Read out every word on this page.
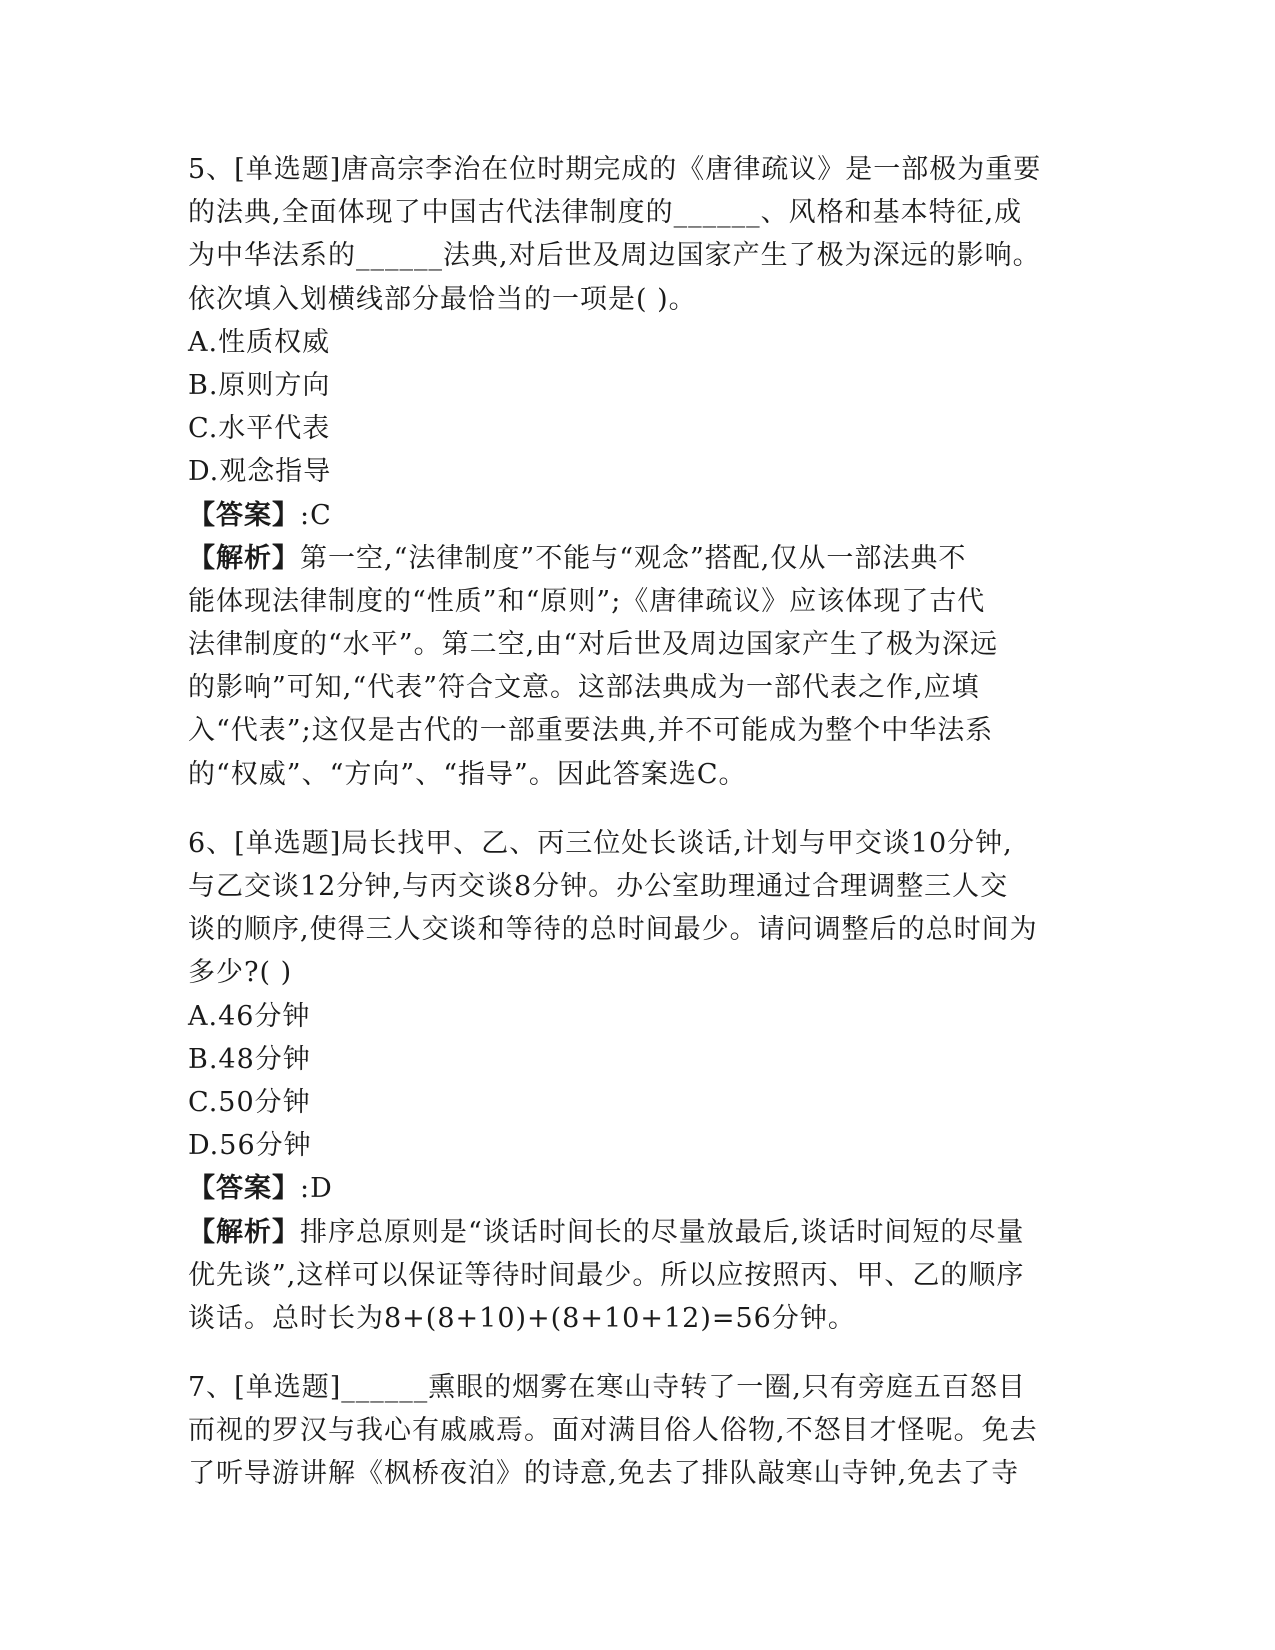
5、[单选题]唐高宗李治在位时期完成的《唐律疏议》是一部极为重要
的法典,全面体现了中国古代法律制度的______、风格和基本特征,成
为中华法系的______法典,对后世及周边国家产生了极为深远的影响。
依次填入划横线部分最恰当的一项是( )。
A.性质权威
B.原则方向
C.水平代表
D.观念指导
【答案】:C
【解析】第一空,“法律制度”不能与“观念”搭配,仅从一部法典不
能体现法律制度的“性质”和“原则”;《唐律疏议》应该体现了古代
法律制度的“水平”。第二空,由“对后世及周边国家产生了极为深远
的影响”可知,“代表”符合文意。这部法典成为一部代表之作,应填
入“代表”;这仅是古代的一部重要法典,并不可能成为整个中华法系
的“权威”、“方向”、“指导”。因此答案选C。
6、[单选题]局长找甲、乙、丙三位处长谈话,计划与甲交谈10分钟,
与乙交谈12分钟,与丙交谈8分钟。办公室助理通过合理调整三人交
谈的顺序,使得三人交谈和等待的总时间最少。请问调整后的总时间为
多少?( )
A.46分钟
B.48分钟
C.50分钟
D.56分钟
【答案】:D
【解析】排序总原则是“谈话时间长的尽量放最后,谈话时间短的尽量
优先谈”,这样可以保证等待时间最少。所以应按照丙、甲、乙的顺序
谈话。总时长为8+(8+10)+(8+10+12)=56分钟。
7、[单选题]______熏眼的烟雾在寒山寺转了一圈,只有旁庭五百怒目
而视的罗汉与我心有戚戚焉。面对满目俗人俗物,不怒目才怪呢。免去
了听导游讲解《枫桥夜泊》的诗意,免去了排队敲寒山寺钟,免去了寺
